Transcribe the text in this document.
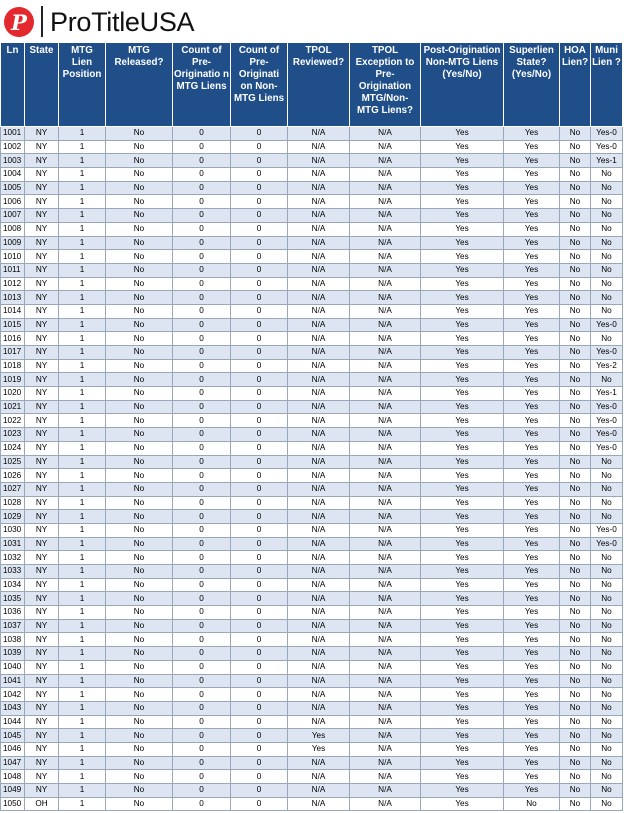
P ProTitleUSA
Ln	State	MTG Lien Position	MTG Released?	Count of Pre-Originatio n MTG Liens	Count of Pre-Originati on Non-MTG Liens	TPOL Reviewed?	TPOL Exception to Pre-Origination MTG/Non-MTG Liens?	Post-Origination Non-MTG Liens (Yes/No)	Superlien State? (Yes/No)	HOA Lien?	Muni Lien ?
1001	NY	1	No	0	0	N/A	N/A	Yes	Yes	No	Yes-0
1002	NY	1	No	0	0	N/A	N/A	Yes	Yes	No	Yes-0
1003	NY	1	No	0	0	N/A	N/A	Yes	Yes	No	Yes-1
1004	NY	1	No	0	0	N/A	N/A	Yes	Yes	No	No
1005	NY	1	No	0	0	N/A	N/A	Yes	Yes	No	No
1006	NY	1	No	0	0	N/A	N/A	Yes	Yes	No	No
1007	NY	1	No	0	0	N/A	N/A	Yes	Yes	No	No
1008	NY	1	No	0	0	N/A	N/A	Yes	Yes	No	No
1009	NY	1	No	0	0	N/A	N/A	Yes	Yes	No	No
1010	NY	1	No	0	0	N/A	N/A	Yes	Yes	No	No
1011	NY	1	No	0	0	N/A	N/A	Yes	Yes	No	No
1012	NY	1	No	0	0	N/A	N/A	Yes	Yes	No	No
1013	NY	1	No	0	0	N/A	N/A	Yes	Yes	No	No
1014	NY	1	No	0	0	N/A	N/A	Yes	Yes	No	No
1015	NY	1	No	0	0	N/A	N/A	Yes	Yes	No	Yes-0
1016	NY	1	No	0	0	N/A	N/A	Yes	Yes	No	No
1017	NY	1	No	0	0	N/A	N/A	Yes	Yes	No	Yes-0
1018	NY	1	No	0	0	N/A	N/A	Yes	Yes	No	Yes-2
1019	NY	1	No	0	0	N/A	N/A	Yes	Yes	No	No
1020	NY	1	No	0	0	N/A	N/A	Yes	Yes	No	Yes-1
1021	NY	1	No	0	0	N/A	N/A	Yes	Yes	No	Yes-0
1022	NY	1	No	0	0	N/A	N/A	Yes	Yes	No	Yes-0
1023	NY	1	No	0	0	N/A	N/A	Yes	Yes	No	Yes-0
1024	NY	1	No	0	0	N/A	N/A	Yes	Yes	No	Yes-0
1025	NY	1	No	0	0	N/A	N/A	Yes	Yes	No	No
1026	NY	1	No	0	0	N/A	N/A	Yes	Yes	No	No
1027	NY	1	No	0	0	N/A	N/A	Yes	Yes	No	No
1028	NY	1	No	0	0	N/A	N/A	Yes	Yes	No	No
1029	NY	1	No	0	0	N/A	N/A	Yes	Yes	No	No
1030	NY	1	No	0	0	N/A	N/A	Yes	Yes	No	Yes-0
1031	NY	1	No	0	0	N/A	N/A	Yes	Yes	No	Yes-0
1032	NY	1	No	0	0	N/A	N/A	Yes	Yes	No	No
1033	NY	1	No	0	0	N/A	N/A	Yes	Yes	No	No
1034	NY	1	No	0	0	N/A	N/A	Yes	Yes	No	No
1035	NY	1	No	0	0	N/A	N/A	Yes	Yes	No	No
1036	NY	1	No	0	0	N/A	N/A	Yes	Yes	No	No
1037	NY	1	No	0	0	N/A	N/A	Yes	Yes	No	No
1038	NY	1	No	0	0	N/A	N/A	Yes	Yes	No	No
1039	NY	1	No	0	0	N/A	N/A	Yes	Yes	No	No
1040	NY	1	No	0	0	N/A	N/A	Yes	Yes	No	No
1041	NY	1	No	0	0	N/A	N/A	Yes	Yes	No	No
1042	NY	1	No	0	0	N/A	N/A	Yes	Yes	No	No
1043	NY	1	No	0	0	N/A	N/A	Yes	Yes	No	No
1044	NY	1	No	0	0	N/A	N/A	Yes	Yes	No	No
1045	NY	1	No	0	0	Yes	N/A	Yes	Yes	No	No
1046	NY	1	No	0	0	Yes	N/A	Yes	Yes	No	No
1047	NY	1	No	0	0	N/A	N/A	Yes	Yes	No	No
1048	NY	1	No	0	0	N/A	N/A	Yes	Yes	No	No
1049	NY	1	No	0	0	N/A	N/A	Yes	Yes	No	No
1050	OH	1	No	0	0	N/A	N/A	Yes	No	No	No
